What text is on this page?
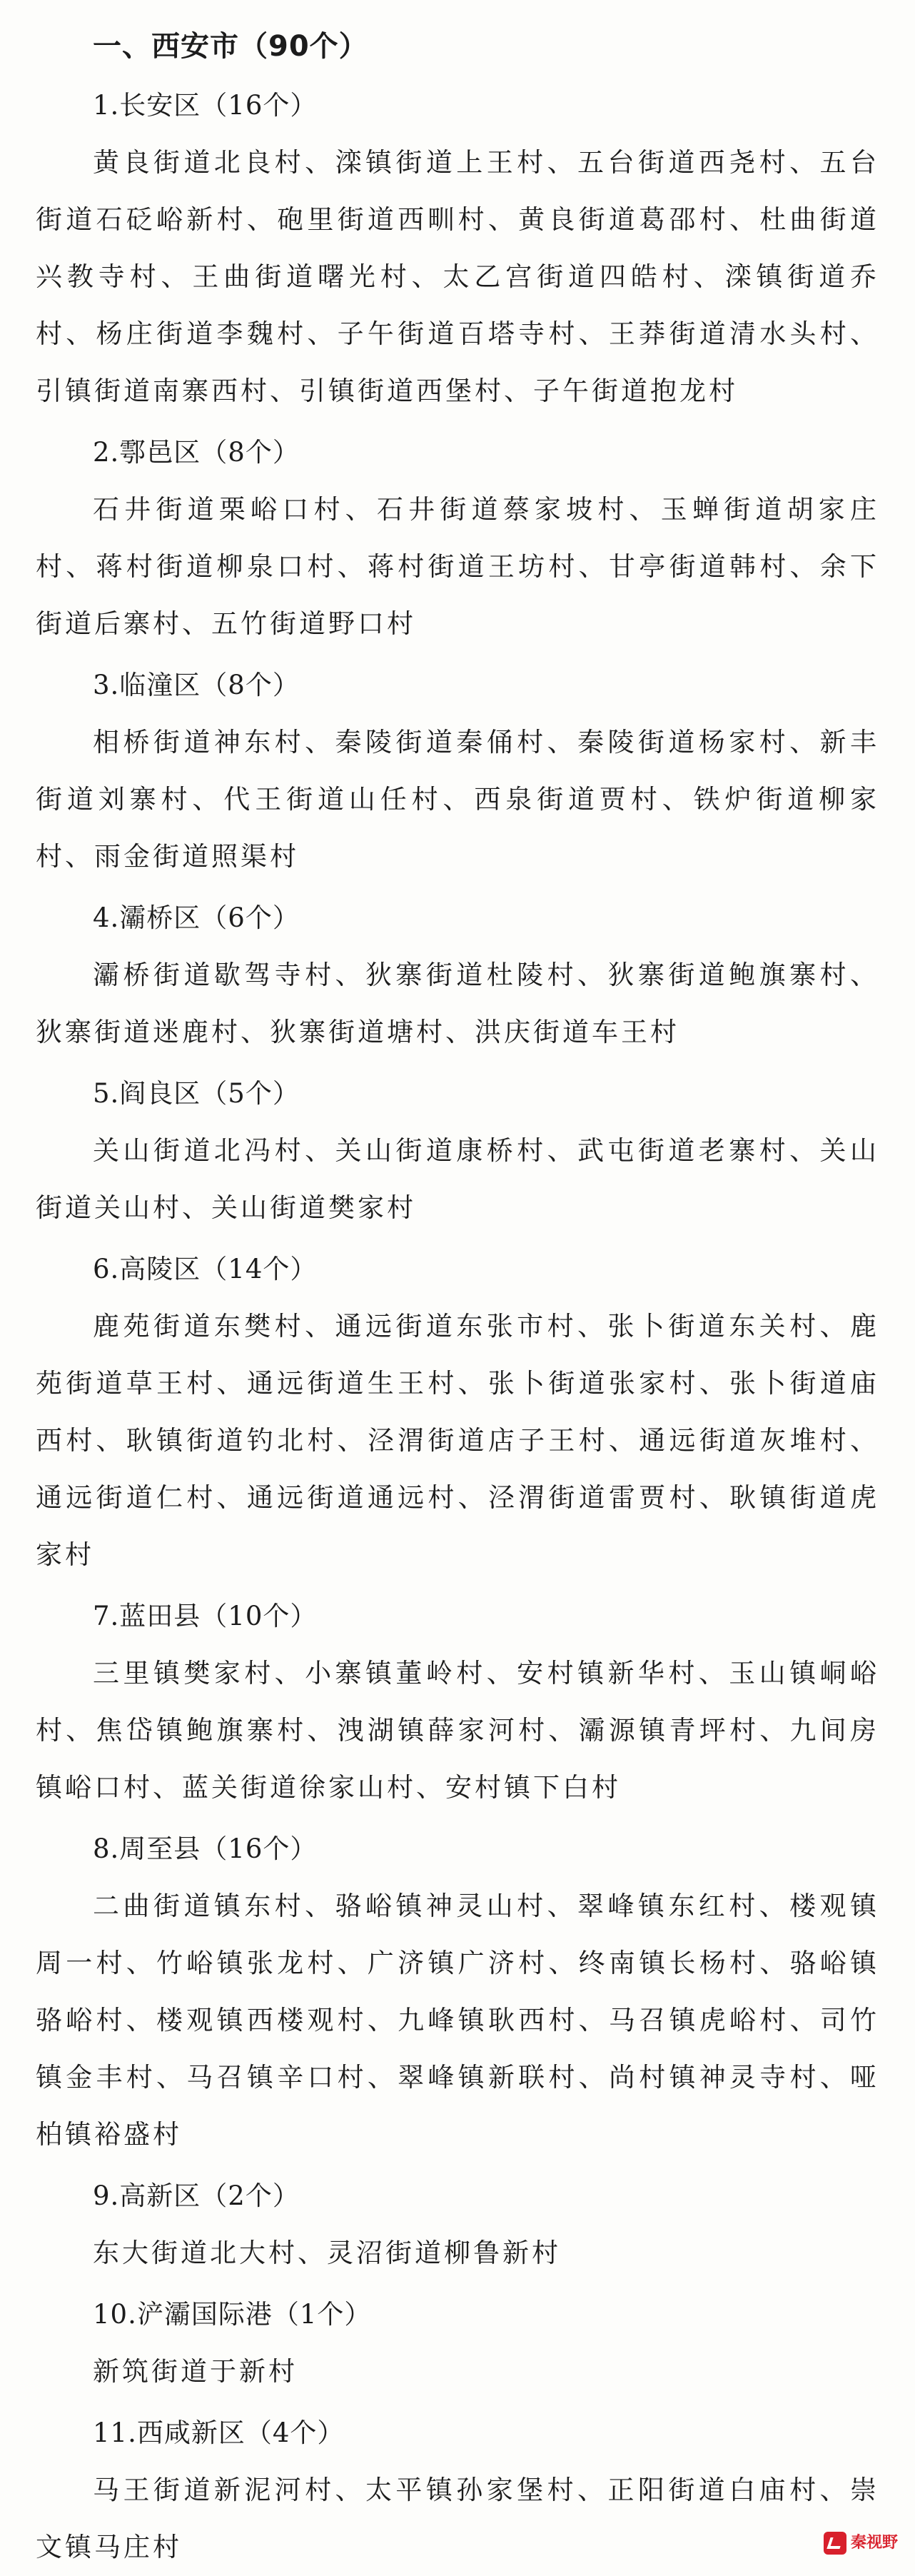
一、西安市（90个）
1.长安区（16个）
黄良街道北良村、滦镇街道上王村、五台街道西尧村、五台街道石砭峪新村、砲里街道西甽村、黄良街道葛邵村、杜曲街道兴教寺村、王曲街道曙光村、太乙宫街道四皓村、滦镇街道乔村、杨庄街道李魏村、子午街道百塔寺村、王莽街道清水头村、引镇街道南寨西村、引镇街道西堡村、子午街道抱龙村
2.鄠邑区（8个）
石井街道栗峪口村、石井街道蔡家坡村、玉蝉街道胡家庄村、蒋村街道柳泉口村、蒋村街道王坊村、甘亭街道韩村、余下街道后寨村、五竹街道野口村
3.临潼区（8个）
相桥街道神东村、秦陵街道秦俑村、秦陵街道杨家村、新丰街道刘寨村、代王街道山任村、西泉街道贾村、铁炉街道柳家村、雨金街道照渠村
4.灞桥区（6个）
灞桥街道歇驾寺村、狄寨街道杜陵村、狄寨街道鲍旗寨村、狄寨街道迷鹿村、狄寨街道塘村、洪庆街道车王村
5.阎良区（5个）
关山街道北冯村、关山街道康桥村、武屯街道老寨村、关山街道关山村、关山街道樊家村
6.高陵区（14个）
鹿苑街道东樊村、通远街道东张市村、张卜街道东关村、鹿苑街道草王村、通远街道生王村、张卜街道张家村、张卜街道庙西村、耿镇街道钓北村、泾渭街道店子王村、通远街道灰堆村、通远街道仁村、通远街道通远村、泾渭街道雷贾村、耿镇街道虎家村
7.蓝田县（10个）
三里镇樊家村、小寨镇董岭村、安村镇新华村、玉山镇峒峪村、焦岱镇鲍旗寨村、洩湖镇薛家河村、灞源镇青坪村、九间房镇峪口村、蓝关街道徐家山村、安村镇下白村
8.周至县（16个）
二曲街道镇东村、骆峪镇神灵山村、翠峰镇东红村、楼观镇周一村、竹峪镇张龙村、广济镇广济村、终南镇长杨村、骆峪镇骆峪村、楼观镇西楼观村、九峰镇耿西村、马召镇虎峪村、司竹镇金丰村、马召镇辛口村、翠峰镇新联村、尚村镇神灵寺村、哑柏镇裕盛村
9.高新区（2个）
东大街道北大村、灵沼街道柳鲁新村
10.浐灞国际港（1个）
新筑街道于新村
11.西咸新区（4个）
马王街道新泥河村、太平镇孙家堡村、正阳街道白庙村、崇文镇马庄村	秦视野
